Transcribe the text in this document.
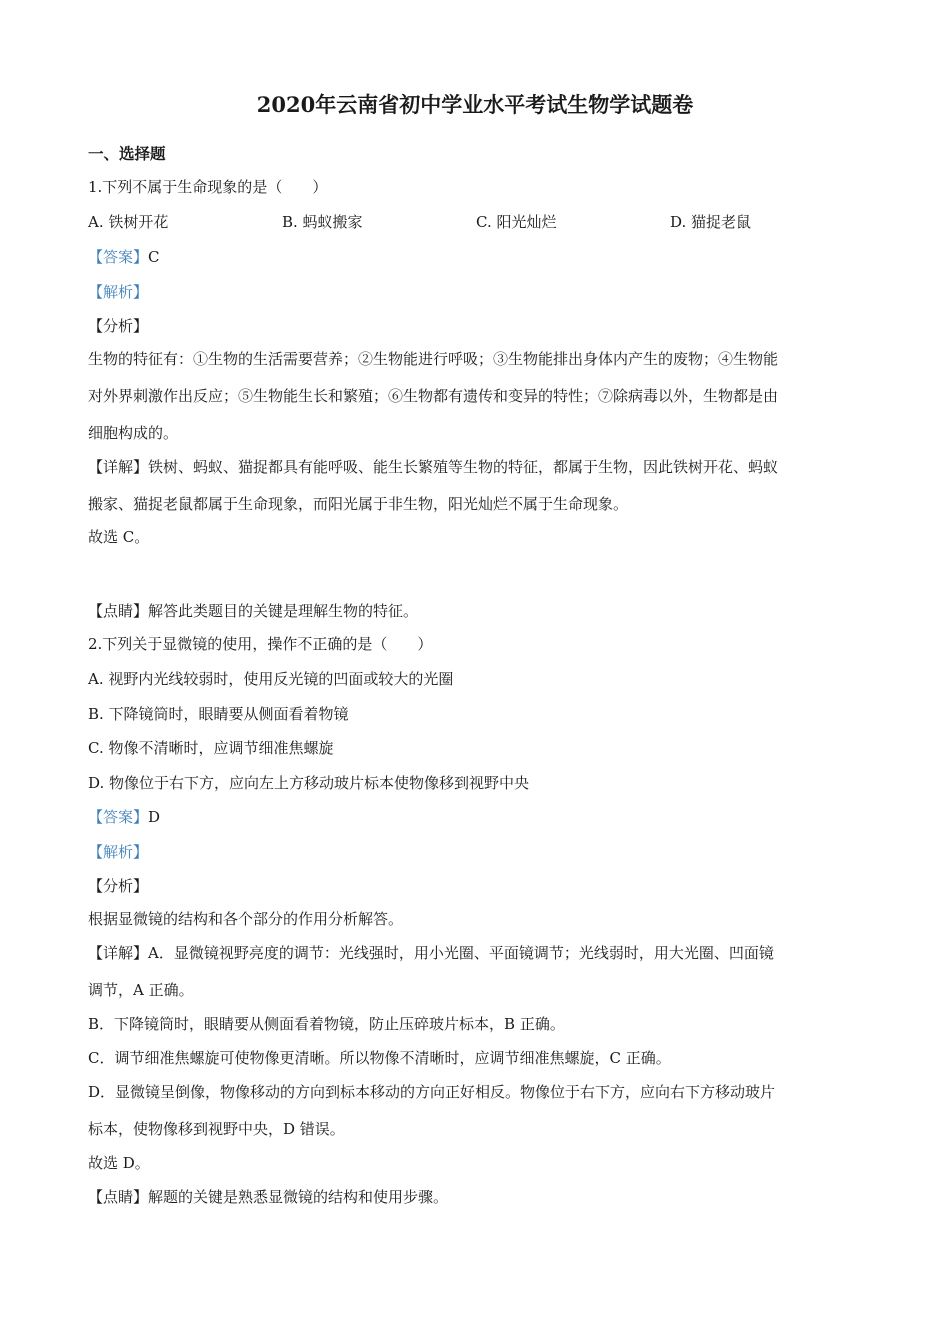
2020年云南省初中学业水平考试生物学试题卷
一、选择题
1.下列不属于生命现象的是（　　）
A. 铁树开花	B. 蚂蚁搬家	C. 阳光灿烂	D. 猫捉老鼠
【答案】C
【解析】
【分析】
生物的特征有：①生物的生活需要营养；②生物能进行呼吸；③生物能排出身体内产生的废物；④生物能
对外界刺激作出反应；⑤生物能生长和繁殖；⑥生物都有遗传和变异的特性；⑦除病毒以外，生物都是由
细胞构成的。
【详解】铁树、蚂蚁、猫捉都具有能呼吸、能生长繁殖等生物的特征，都属于生物，因此铁树开花、蚂蚁
搬家、猫捉老鼠都属于生命现象，而阳光属于非生物，阳光灿烂不属于生命现象。
故选 C。
【点睛】解答此类题目的关键是理解生物的特征。
2.下列关于显微镜的使用，操作不正确的是（　　）
A. 视野内光线较弱时，使用反光镜的凹面或较大的光圈
B. 下降镜筒时，眼睛要从侧面看着物镜
C. 物像不清晰时，应调节细准焦螺旋
D. 物像位于右下方，应向左上方移动玻片标本使物像移到视野中央
【答案】D
【解析】
【分析】
根据显微镜的结构和各个部分的作用分析解答。
【详解】A．显微镜视野亮度的调节：光线强时，用小光圈、平面镜调节；光线弱时，用大光圈、凹面镜
调节，A 正确。
B．下降镜筒时，眼睛要从侧面看着物镜，防止压碎玻片标本，B 正确。
C．调节细准焦螺旋可使物像更清晰。所以物像不清晰时，应调节细准焦螺旋，C 正确。
D．显微镜呈倒像，物像移动的方向到标本移动的方向正好相反。物像位于右下方，应向右下方移动玻片
标本，使物像移到视野中央，D 错误。
故选 D。
【点睛】解题的关键是熟悉显微镜的结构和使用步骤。
